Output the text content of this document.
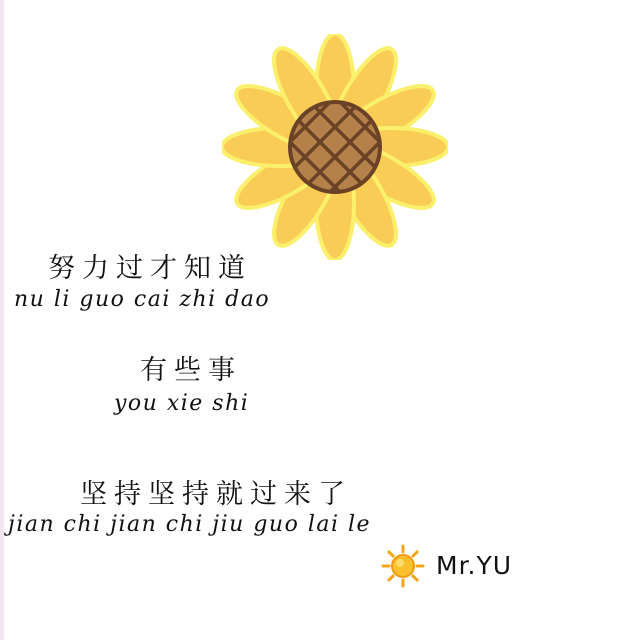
努力过才知道
nu li guo cai zhi dao
有些事
you xie shi
坚持坚持就过来了
jian chi jian chi jiu guo lai le
Mr.YU
